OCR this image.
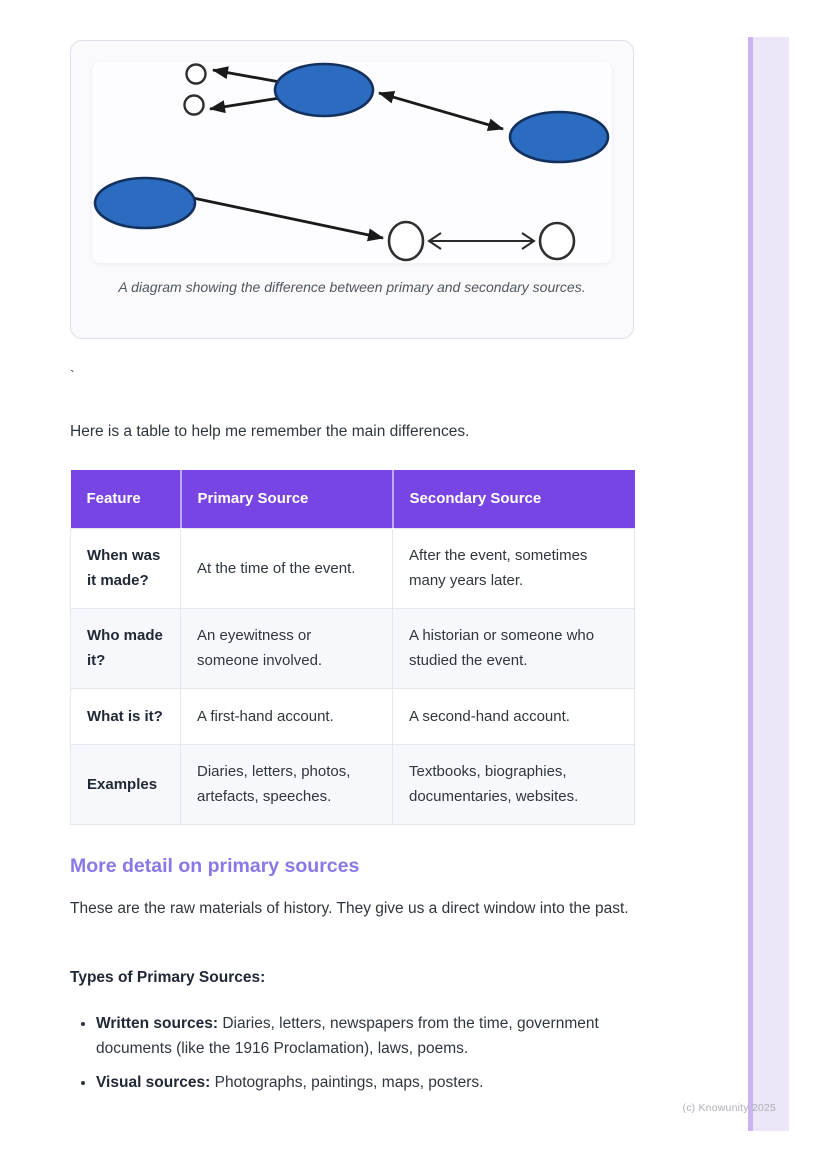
(c) Knowunity 2025
A diagram showing the difference between primary and secondary sources.
`

Here is a table to help me remember the main differences.

Feature	Primary Source	Secondary Source
When was it made?	At the time of the event.	After the event, sometimes many years later.
Who made it?	An eyewitness or someone involved.	A historian or someone who studied the event.
What is it?	A first-hand account.	A second-hand account.
Examples	Diaries, letters, photos, artefacts, speeches.	Textbooks, biographies, documentaries, websites.
More detail on primary sources

These are the raw materials of history. They give us a direct window into the past.

Types of Primary Sources:

• Written sources: Diaries, letters, newspapers from the time, government documents (like the 1916 Proclamation), laws, poems.
• Visual sources: Photographs, paintings, maps, posters.
